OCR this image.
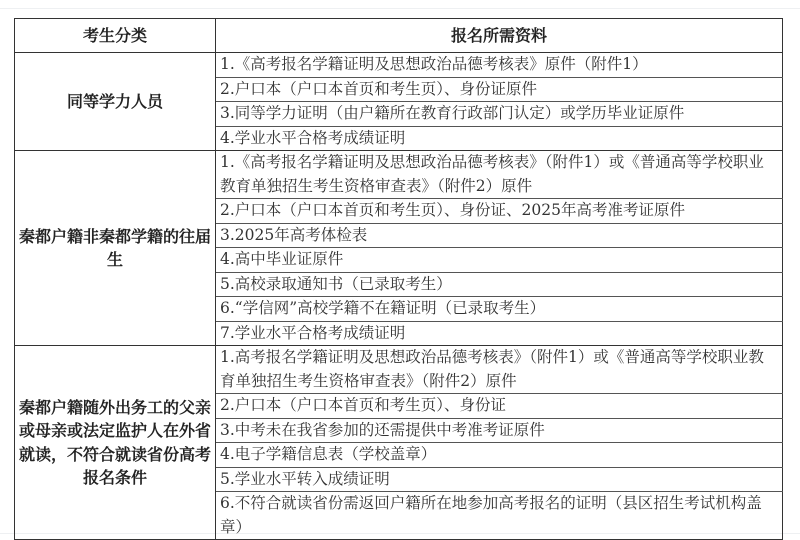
考生分类	报名所需资料
同等学力人员	1.《高考报名学籍证明及思想政治品德考核表》原件（附件1）
	2.户口本（户口本首页和考生页）、身份证原件
	3.同等学力证明（由户籍所在教育行政部门认定）或学历毕业证原件
	4.学业水平合格考成绩证明
秦都户籍非秦都学籍的往届生	1.《高考报名学籍证明及思想政治品德考核表》（附件1）或《普通高等学校职业教育单独招生考生资格审查表》（附件2）原件
	2.户口本（户口本首页和考生页）、身份证、2025年高考准考证原件
	3.2025年高考体检表
	4.高中毕业证原件
	5.高校录取通知书（已录取考生）
	6.“学信网”高校学籍不在籍证明（已录取考生）
	7.学业水平合格考成绩证明
秦都户籍随外出务工的父亲或母亲或法定监护人在外省就读，不符合就读省份高考报名条件	1.高考报名学籍证明及思想政治品德考核表》（附件1）或《普通高等学校职业教育单独招生考生资格审查表》（附件2）原件
	2.户口本（户口本首页和考生页）、身份证
	3.中考未在我省参加的还需提供中考准考证原件
	4.电子学籍信息表（学校盖章）
	5.学业水平转入成绩证明
	6.不符合就读省份需返回户籍所在地参加高考报名的证明（县区招生考试机构盖章）
